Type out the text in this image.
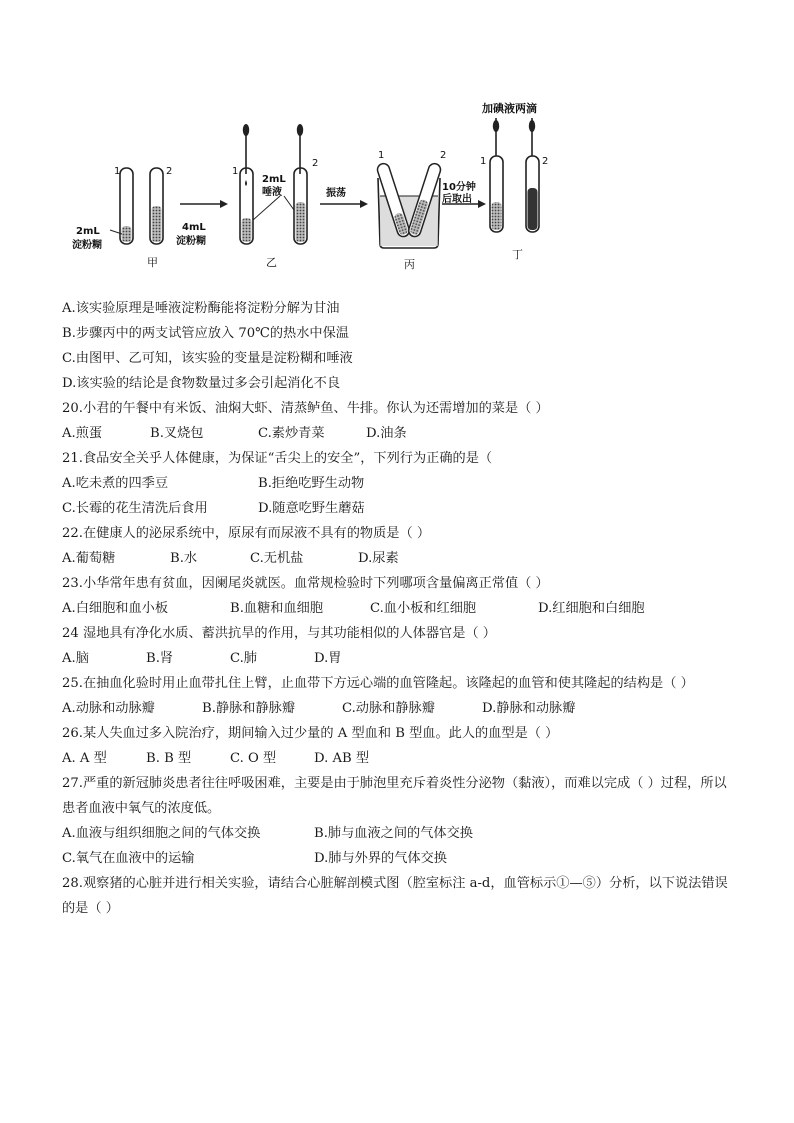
1	2
2mL
淀粉糊
甲
4mL
淀粉糊
1
2
2mL
唾液
乙
振荡
1	2
丙
10分钟
后取出
加碘液两滴
1	2
丁
A.该实验原理是唾液淀粉酶能将淀粉分解为甘油
B.步骤丙中的两支试管应放入 70℃的热水中保温
C.由图甲、乙可知，该实验的变量是淀粉糊和唾液
D.该实验的结论是食物数量过多会引起消化不良
20.小君的午餐中有米饭、油焖大虾、清蒸鲈鱼、牛排。你认为还需增加的菜是（ ）
A.煎蛋	B.叉烧包	C.素炒青菜	D.油条
21.食品安全关乎人体健康，为保证“舌尖上的安全”，下列行为正确的是（
A.吃未煮的四季豆	B.拒绝吃野生动物
C.长霉的花生清洗后食用	D.随意吃野生蘑菇
22.在健康人的泌尿系统中，原尿有而尿液不具有的物质是（ ）
A.葡萄糖	B.水	C.无机盐	D.尿素
23.小华常年患有贫血，因阑尾炎就医。血常规检验时下列哪项含量偏离正常值（ ）
A.白细胞和血小板	B.血糖和血细胞	C.血小板和红细胞	D.红细胞和白细胞
24 湿地具有净化水质、蓄洪抗旱的作用，与其功能相似的人体器官是（ ）
A.脑	B.肾	C.肺	D.胃
25.在抽血化验时用止血带扎住上臂，止血带下方远心端的血管隆起。该隆起的血管和使其隆起的结构是（ ）
A.动脉和动脉瓣	B.静脉和静脉瓣	C.动脉和静脉瓣	D.静脉和动脉瓣
26.某人失血过多入院治疗，期间输入过少量的 A 型血和 B 型血。此人的血型是（ ）
A. A 型	B. B 型	C. O 型	D. AB 型
27.严重的新冠肺炎患者往往呼吸困难，主要是由于肺泡里充斥着炎性分泌物（黏液），而难以完成（ ）过程，所以患者血液中氧气的浓度低。
A.血液与组织细胞之间的气体交换	B.肺与血液之间的气体交换
C.氧气在血液中的运输	D.肺与外界的气体交换
28.观察猪的心脏并进行相关实验，请结合心脏解剖模式图（腔室标注 a-d，血管标示①—⑤）分析，以下说法错误的是（ ）
